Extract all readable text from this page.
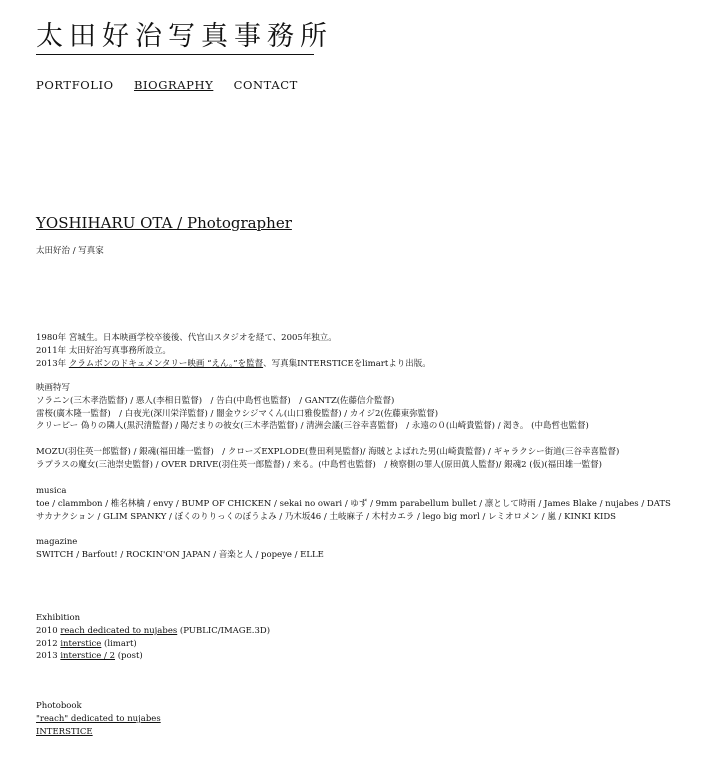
太田好治写真事務所
PORTFOLIO BIOGRAPHY CONTACT
YOSHIHARU OTA / Photographer
太田好治 / 写真家
1980年 宮城生。日本映画学校卒後後、代官山スタジオを経て、2005年独立。
2011年 太田好治写真事務所設立。
2013年 クラムボンのドキュメンタリー映画 “えん。”を監督、写真集INTERSTICEをlimartより出版。
映画特写
ソラニン(三木孝浩監督) / 悪人(李相日監督)　/ 告白(中島哲也監督)　/ GANTZ(佐藤信介監督)
雷桜(廣木隆一監督)　/ 白夜光(深川栄洋監督) / 闇金ウシジマくん(山口雅俊監督) / カイジ2(佐藤東弥監督)
クリーピー 偽りの隣人(黒沢清監督) / 陽だまりの彼女(三木孝浩監督) / 清洲会議(三谷幸喜監督)　/ 永遠の０(山崎貴監督) / 渇き。 (中島哲也監督)
MOZU(羽住英一郎監督) / 銀魂(福田雄一監督)　/ クローズEXPLODE(豊田利晃監督)/ 海賊とよばれた男(山崎貴監督) / ギャラクシー街道(三谷幸喜監督)
ラプラスの魔女(三池崇史監督) / OVER DRIVE(羽住英一郎監督) / 来る。(中島哲也監督)　/ 検察側の罪人(原田眞人監督)/ 銀魂2 (仮)(福田雄一監督)
musica
toe / clammbon / 椎名林檎 / envy / BUMP OF CHICKEN / sekai no owari / ゆず / 9mm parabellum bullet / 凛として時雨 / James Blake / nujabes / DATS
サカナクション / GLIM SPANKY / ぼくのりりっくのぼうよみ / 乃木坂46 / 土岐麻子 / 木村カエラ / lego big morl / レミオロメン / 嵐 / KINKI KIDS
magazine
SWITCH / Barfout! / ROCKIN'ON JAPAN / 音楽と人 / popeye / ELLE
Exhibition
2010 reach dedicated to nujabes (PUBLIC/IMAGE.3D)
2012 interstice (limart)
2013 interstice / 2 (post)
Photobook
"reach" dedicated to nujabes
INTERSTICE
